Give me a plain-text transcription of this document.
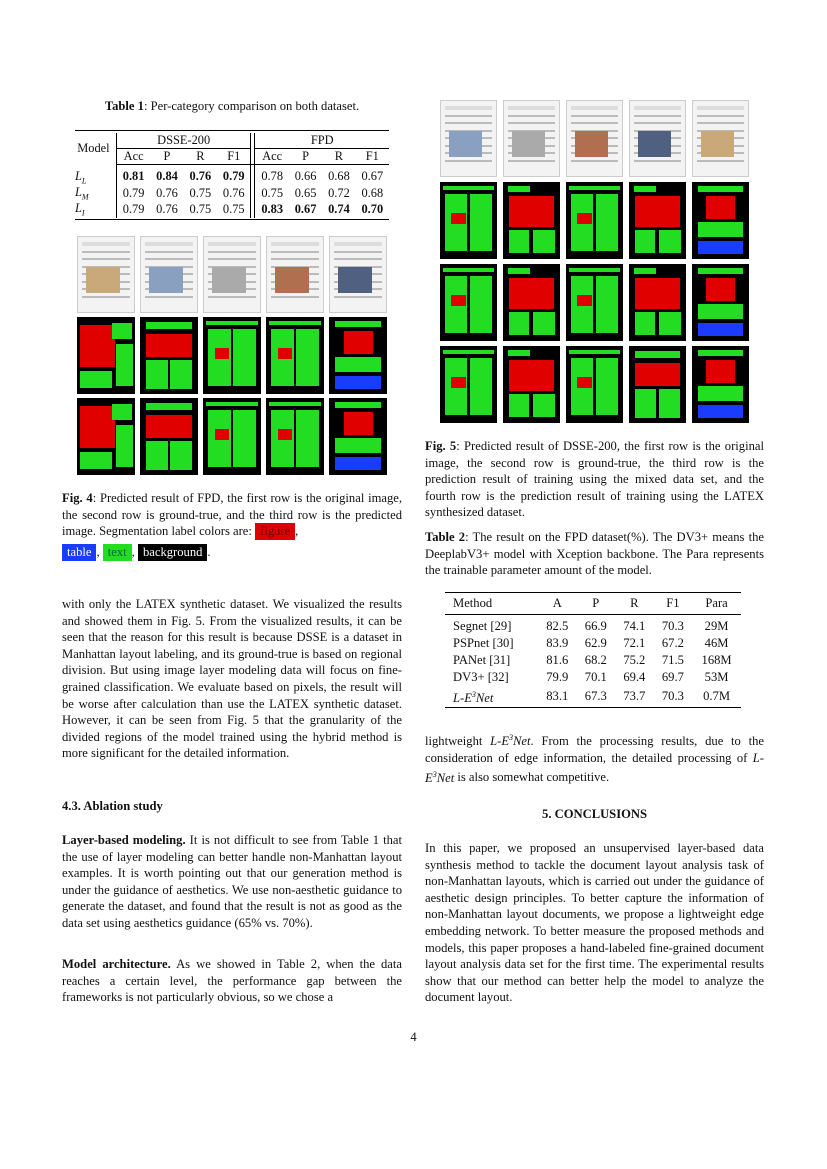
Table 1: Per-category comparison on both dataset.
Model	DSSE-200					FPD			
	Acc	P	R	F1		Acc	P	R	F1
$L_L$	0.81	0.84	0.76	0.79		0.78	0.66	0.68	0.67
$L_M$	0.79	0.76	0.75	0.76		0.75	0.65	0.72	0.68
$L_I$	0.79	0.76	0.75	0.75		0.83	0.67	0.74	0.70
Fig. 4: Predicted result of FPD, the first row is the original image, the second row is ground-true, and the third row is the predicted image. Segmentation label colors are: figure ,
table , text , background .

with only the LATEX synthetic dataset. We visualized the results and showed them in Fig. 5. From the visualized results, it can be seen that the reason for this result is because DSSE is a dataset in Manhattan layout labeling, and its ground-true is based on regional division. But using image layer modeling data will focus on fine-grained classification. We evaluate based on pixels, the result will be worse after calculation than use the LATEX synthetic dataset. However, it can be seen from Fig. 5 that the granularity of the divided regions of the model trained using the hybrid method is more significant for the detailed information.

4.3. Ablation study

Layer-based modeling. It is not difficult to see from Table 1 that the use of layer modeling can better handle non-Manhattan layout examples. It is worth pointing out that our generation method is under the guidance of aesthetics. We use non-aesthetic guidance to generate the dataset, and found that the result is not as good as the data set using aesthetics guidance (65% vs. 70%).

Model architecture. As we showed in Table 2, when the data reaches a certain level, the performance gap between the frameworks is not particularly obvious, so we chose a

Fig. 5: Predicted result of DSSE-200, the first row is the original image, the second row is ground-true, the third row is the prediction result of training using the mixed data set, and the fourth row is the prediction result of training using the LATEX synthesized dataset.
Table 2: The result on the FPD dataset(%). The DV3+ means the DeeplabV3+ model with Xception backbone. The Para represents the trainable parameter amount of the model.
Method	A	P	R	F1	Para
Segnet [29]	82.5	66.9	74.1	70.3	29M
PSPnet [30]	83.9	62.9	72.1	67.2	46M
PANet [31]	81.6	68.2	75.2	71.5	168M
DV3+ [32]	79.9	70.1	69.4	69.7	53M
$L-E^3Net$	83.1	67.3	73.7	70.3	0.7M

lightweight $L-E^3Net$. From the processing results, due to the consideration of edge information, the detailed processing of $L-E^3Net$ is also somewhat competitive.

5. CONCLUSIONS

In this paper, we proposed an unsupervised layer-based data synthesis method to tackle the document layout analysis task of non-Manhattan layouts, which is carried out under the guidance of aesthetic design principles. To better capture the information of non-Manhattan layout documents, we propose a lightweight edge embedding network. To better measure the proposed methods and models, this paper proposes a hand-labeled fine-grained document layout analysis data set for the first time. The experimental results show that our method can better help the model to analyze the document layout.

4
